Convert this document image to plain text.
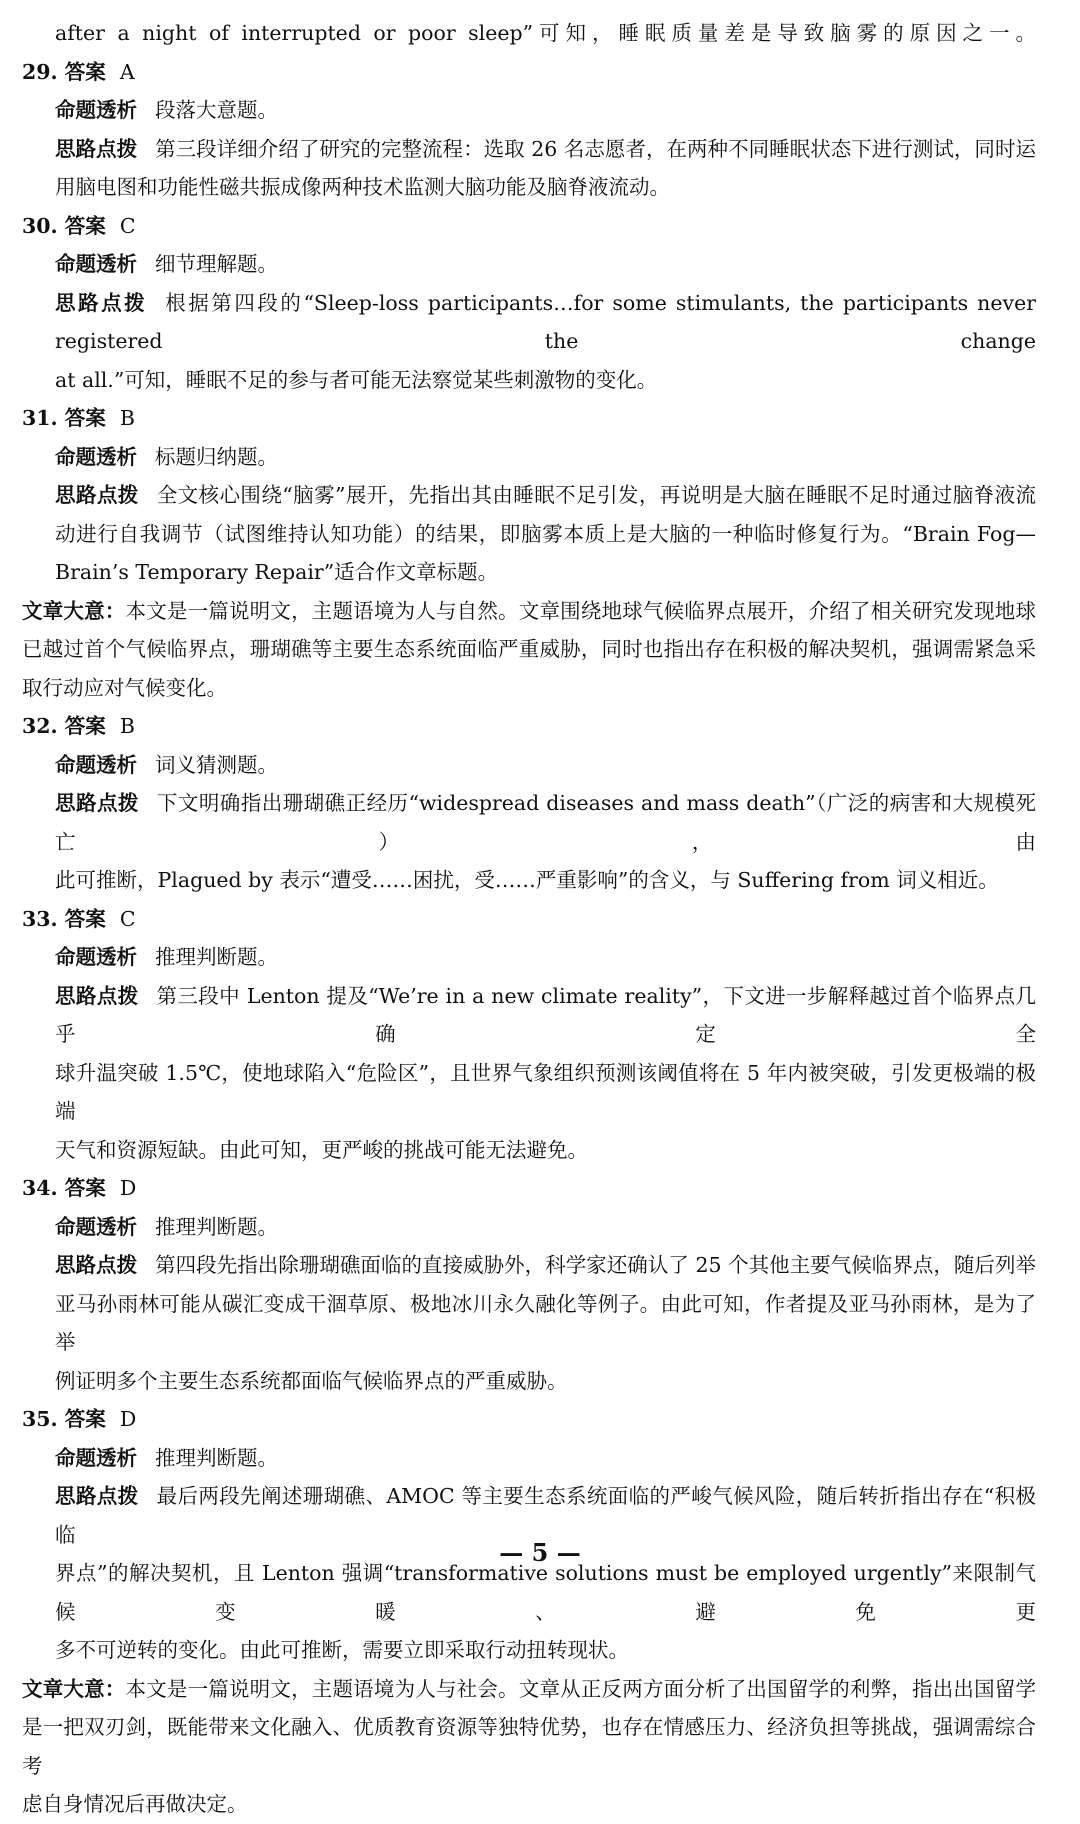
after a night of interrupted or poor sleep”可知，睡眠质量差是导致脑雾的原因之一。
29. 答案 A
命题透析 段落大意题。
思路点拨 第三段详细介绍了研究的完整流程：选取 26 名志愿者，在两种不同睡眠状态下进行测试，同时运
用脑电图和功能性磁共振成像两种技术监测大脑功能及脑脊液流动。
30. 答案 C
命题透析 细节理解题。
思路点拨 根据第四段的“Sleep-loss participants…for some stimulants, the participants never registered the change
at all.”可知，睡眠不足的参与者可能无法察觉某些刺激物的变化。
31. 答案 B
命题透析 标题归纳题。
思路点拨 全文核心围绕“脑雾”展开，先指出其由睡眠不足引发，再说明是大脑在睡眠不足时通过脑脊液流
动进行自我调节（试图维持认知功能）的结果，即脑雾本质上是大脑的一种临时修复行为。“Brain Fog—
Brain’s Temporary Repair”适合作文章标题。
文章大意：本文是一篇说明文，主题语境为人与自然。文章围绕地球气候临界点展开，介绍了相关研究发现地球
已越过首个气候临界点，珊瑚礁等主要生态系统面临严重威胁，同时也指出存在积极的解决契机，强调需紧急采
取行动应对气候变化。
32. 答案 B
命题透析 词义猜测题。
思路点拨 下文明确指出珊瑚礁正经历“widespread diseases and mass death”（广泛的病害和大规模死亡），由
此可推断，Plagued by 表示“遭受……困扰，受……严重影响”的含义，与 Suffering from 词义相近。
33. 答案 C
命题透析 推理判断题。
思路点拨 第三段中 Lenton 提及“We’re in a new climate reality”，下文进一步解释越过首个临界点几乎确定全
球升温突破 1.5℃，使地球陷入“危险区”，且世界气象组织预测该阈值将在 5 年内被突破，引发更极端的极端
天气和资源短缺。由此可知，更严峻的挑战可能无法避免。
34. 答案 D
命题透析 推理判断题。
思路点拨 第四段先指出除珊瑚礁面临的直接威胁外，科学家还确认了 25 个其他主要气候临界点，随后列举
亚马孙雨林可能从碳汇变成干涸草原、极地冰川永久融化等例子。由此可知，作者提及亚马孙雨林，是为了举
例证明多个主要生态系统都面临气候临界点的严重威胁。
35. 答案 D
命题透析 推理判断题。
思路点拨 最后两段先阐述珊瑚礁、AMOC 等主要生态系统面临的严峻气候风险，随后转折指出存在“积极临
界点”的解决契机，且 Lenton 强调“transformative solutions must be employed urgently”来限制气候变暖、避免更
多不可逆转的变化。由此可推断，需要立即采取行动扭转现状。
文章大意：本文是一篇说明文，主题语境为人与社会。文章从正反两方面分析了出国留学的利弊，指出出国留学
是一把双刃剑，既能带来文化融入、优质教育资源等独特优势，也存在情感压力、经济负担等挑战，强调需综合考
虑自身情况后再做决定。
— 5 —
